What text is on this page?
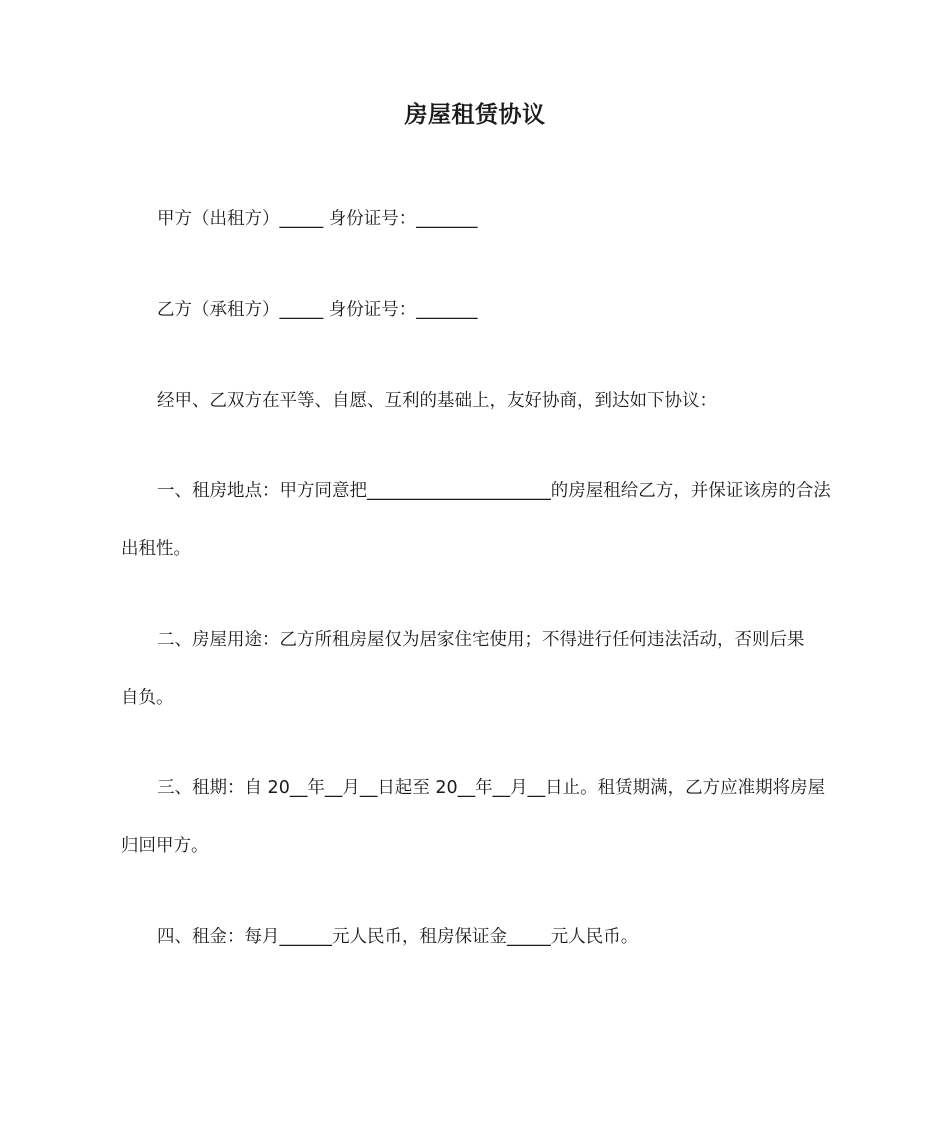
房屋租赁协议
甲方（出租方）_____ 身份证号：_______
乙方（承租方）_____ 身份证号：_______
经甲、乙双方在平等、自愿、互利的基础上，友好协商，到达如下协议：
一、租房地点：甲方同意把_____________________的房屋租给乙方，并保证该房的合法
出租性。
二、房屋用途：乙方所租房屋仅为居家住宅使用；不得进行任何违法活动，否则后果
自负。
三、租期：自 20__年__月__日起至 20__年__月__日止。租赁期满，乙方应准期将房屋
归回甲方。
四、租金：每月______元人民币，租房保证金_____元人民币。
